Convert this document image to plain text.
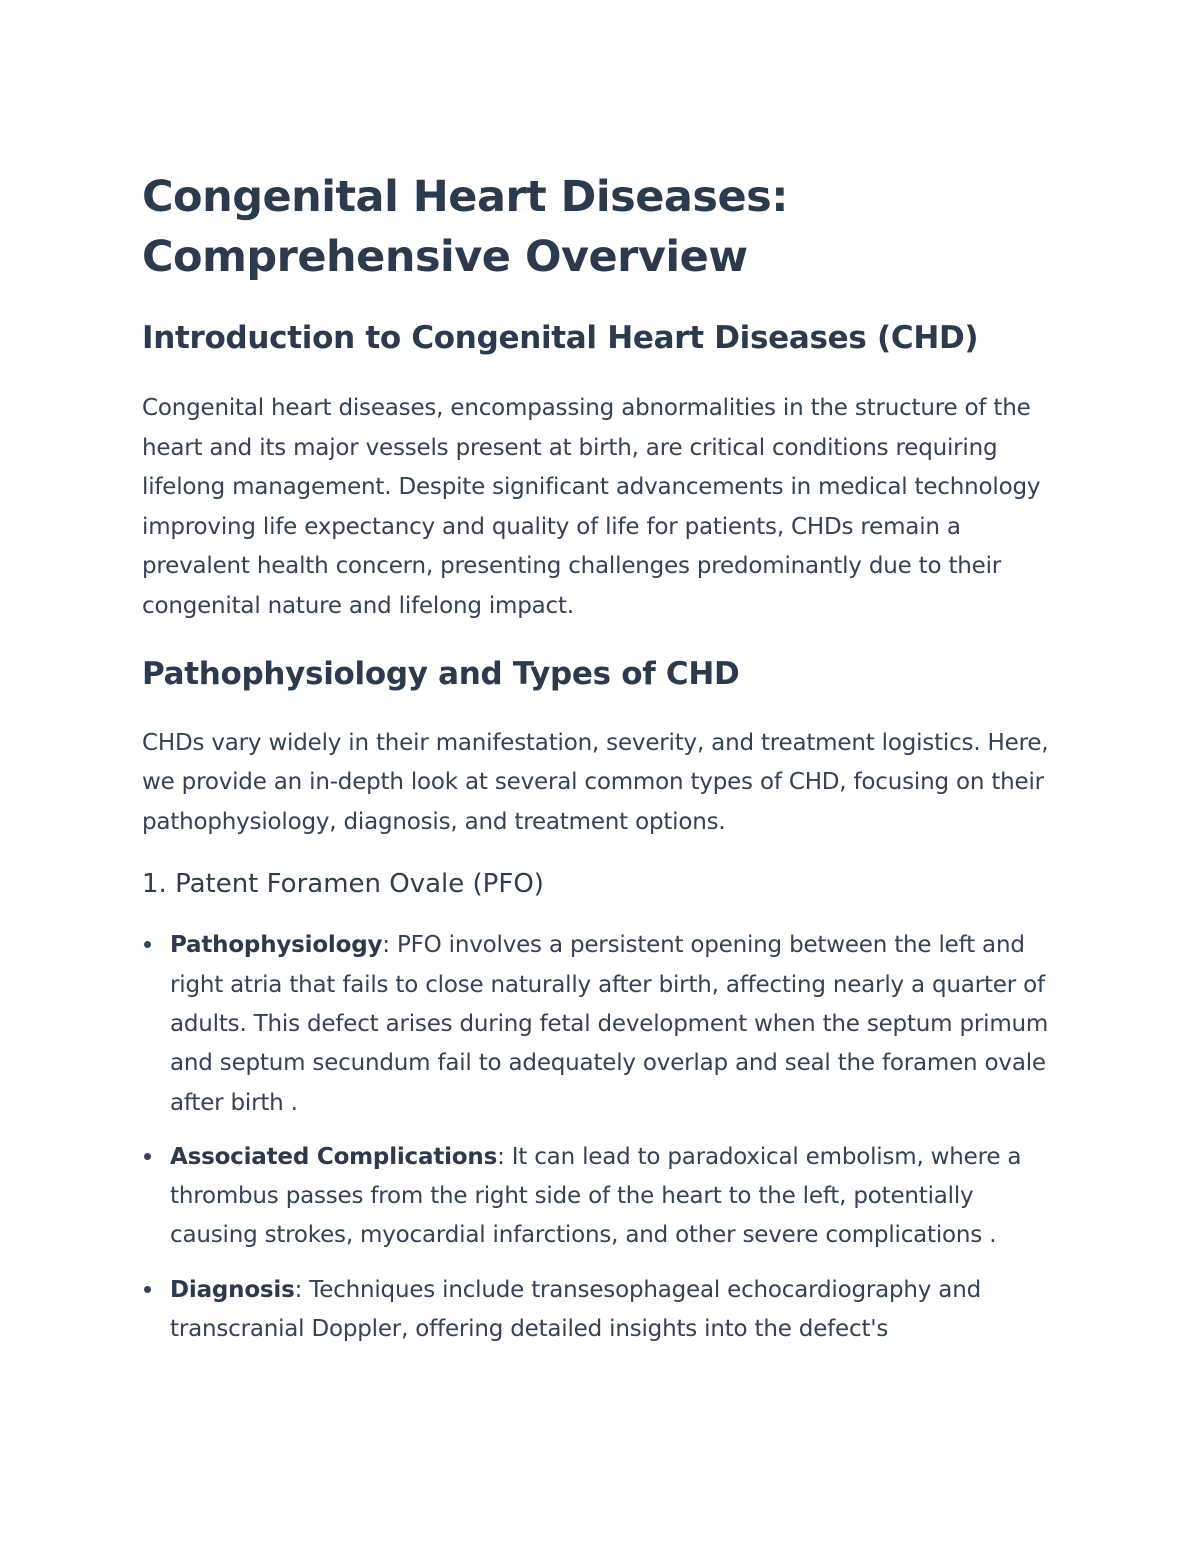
Congenital Heart Diseases:
Comprehensive Overview
Introduction to Congenital Heart Diseases (CHD)

Congenital heart diseases, encompassing abnormalities in the structure of the heart and its major vessels present at birth, are critical conditions requiring lifelong management. Despite significant advancements in medical technology improving life expectancy and quality of life for patients, CHDs remain a prevalent health concern, presenting challenges predominantly due to their congenital nature and lifelong impact.

Pathophysiology and Types of CHD

CHDs vary widely in their manifestation, severity, and treatment logistics. Here, we provide an in-depth look at several common types of CHD, focusing on their pathophysiology, diagnosis, and treatment options.

1. Patent Foramen Ovale (PFO)
Pathophysiology: PFO involves a persistent opening between the left and right atria that fails to close naturally after birth, affecting nearly a quarter of adults. This defect arises during fetal development when the septum primum and septum secundum fail to adequately overlap and seal the foramen ovale after birth .
Associated Complications: It can lead to paradoxical embolism, where a thrombus passes from the right side of the heart to the left, potentially causing strokes, myocardial infarctions, and other severe complications .
Diagnosis: Techniques include transesophageal echocardiography and transcranial Doppler, offering detailed insights into the defect's
